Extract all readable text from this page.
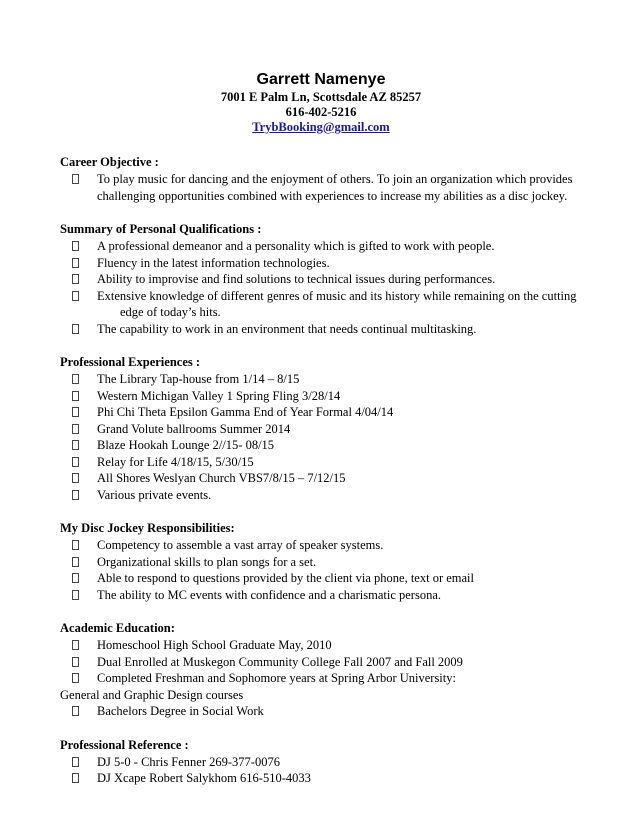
Garrett Namenye
7001 E Palm Ln, Scottsdale AZ 85257
616-402-5216
TrybBooking@gmail.com
Career Objective :
To play music for dancing and the enjoyment of others. To join an organization which provides challenging opportunities combined with experiences to increase my abilities as a disc jockey.
Summary of Personal Qualifications :
A professional demeanor and a personality which is gifted to work with people.
Fluency in the latest information technologies.
Ability to improvise and find solutions to technical issues during performances.
Extensive knowledge of different genres of music and its history while remaining on the cutting
edge of today’s hits.
The capability to work in an environment that needs continual multitasking.
Professional Experiences :
The Library Tap-house from 1/14 – 8/15
Western Michigan Valley 1 Spring Fling 3/28/14
Phi Chi Theta Epsilon Gamma End of Year Formal 4/04/14
Grand Volute ballrooms Summer 2014
Blaze Hookah Lounge 2//15- 08/15
Relay for Life 4/18/15, 5/30/15
All Shores Weslyan Church VBS7/8/15 – 7/12/15
Various private events.
My Disc Jockey Responsibilities:
Competency to assemble a vast array of speaker systems.
Organizational skills to plan songs for a set.
Able to respond to questions provided by the client via phone, text or email
The ability to MC events with confidence and a charismatic persona.
Academic Education:
Homeschool High School Graduate May, 2010
Dual Enrolled at Muskegon Community College Fall 2007 and Fall 2009
Completed Freshman and Sophomore years at Spring Arbor University:
General and Graphic Design courses
Bachelors Degree in Social Work
Professional Reference :
DJ 5-0 - Chris Fenner 269-377-0076
DJ Xcape Robert Salykhom 616-510-4033
